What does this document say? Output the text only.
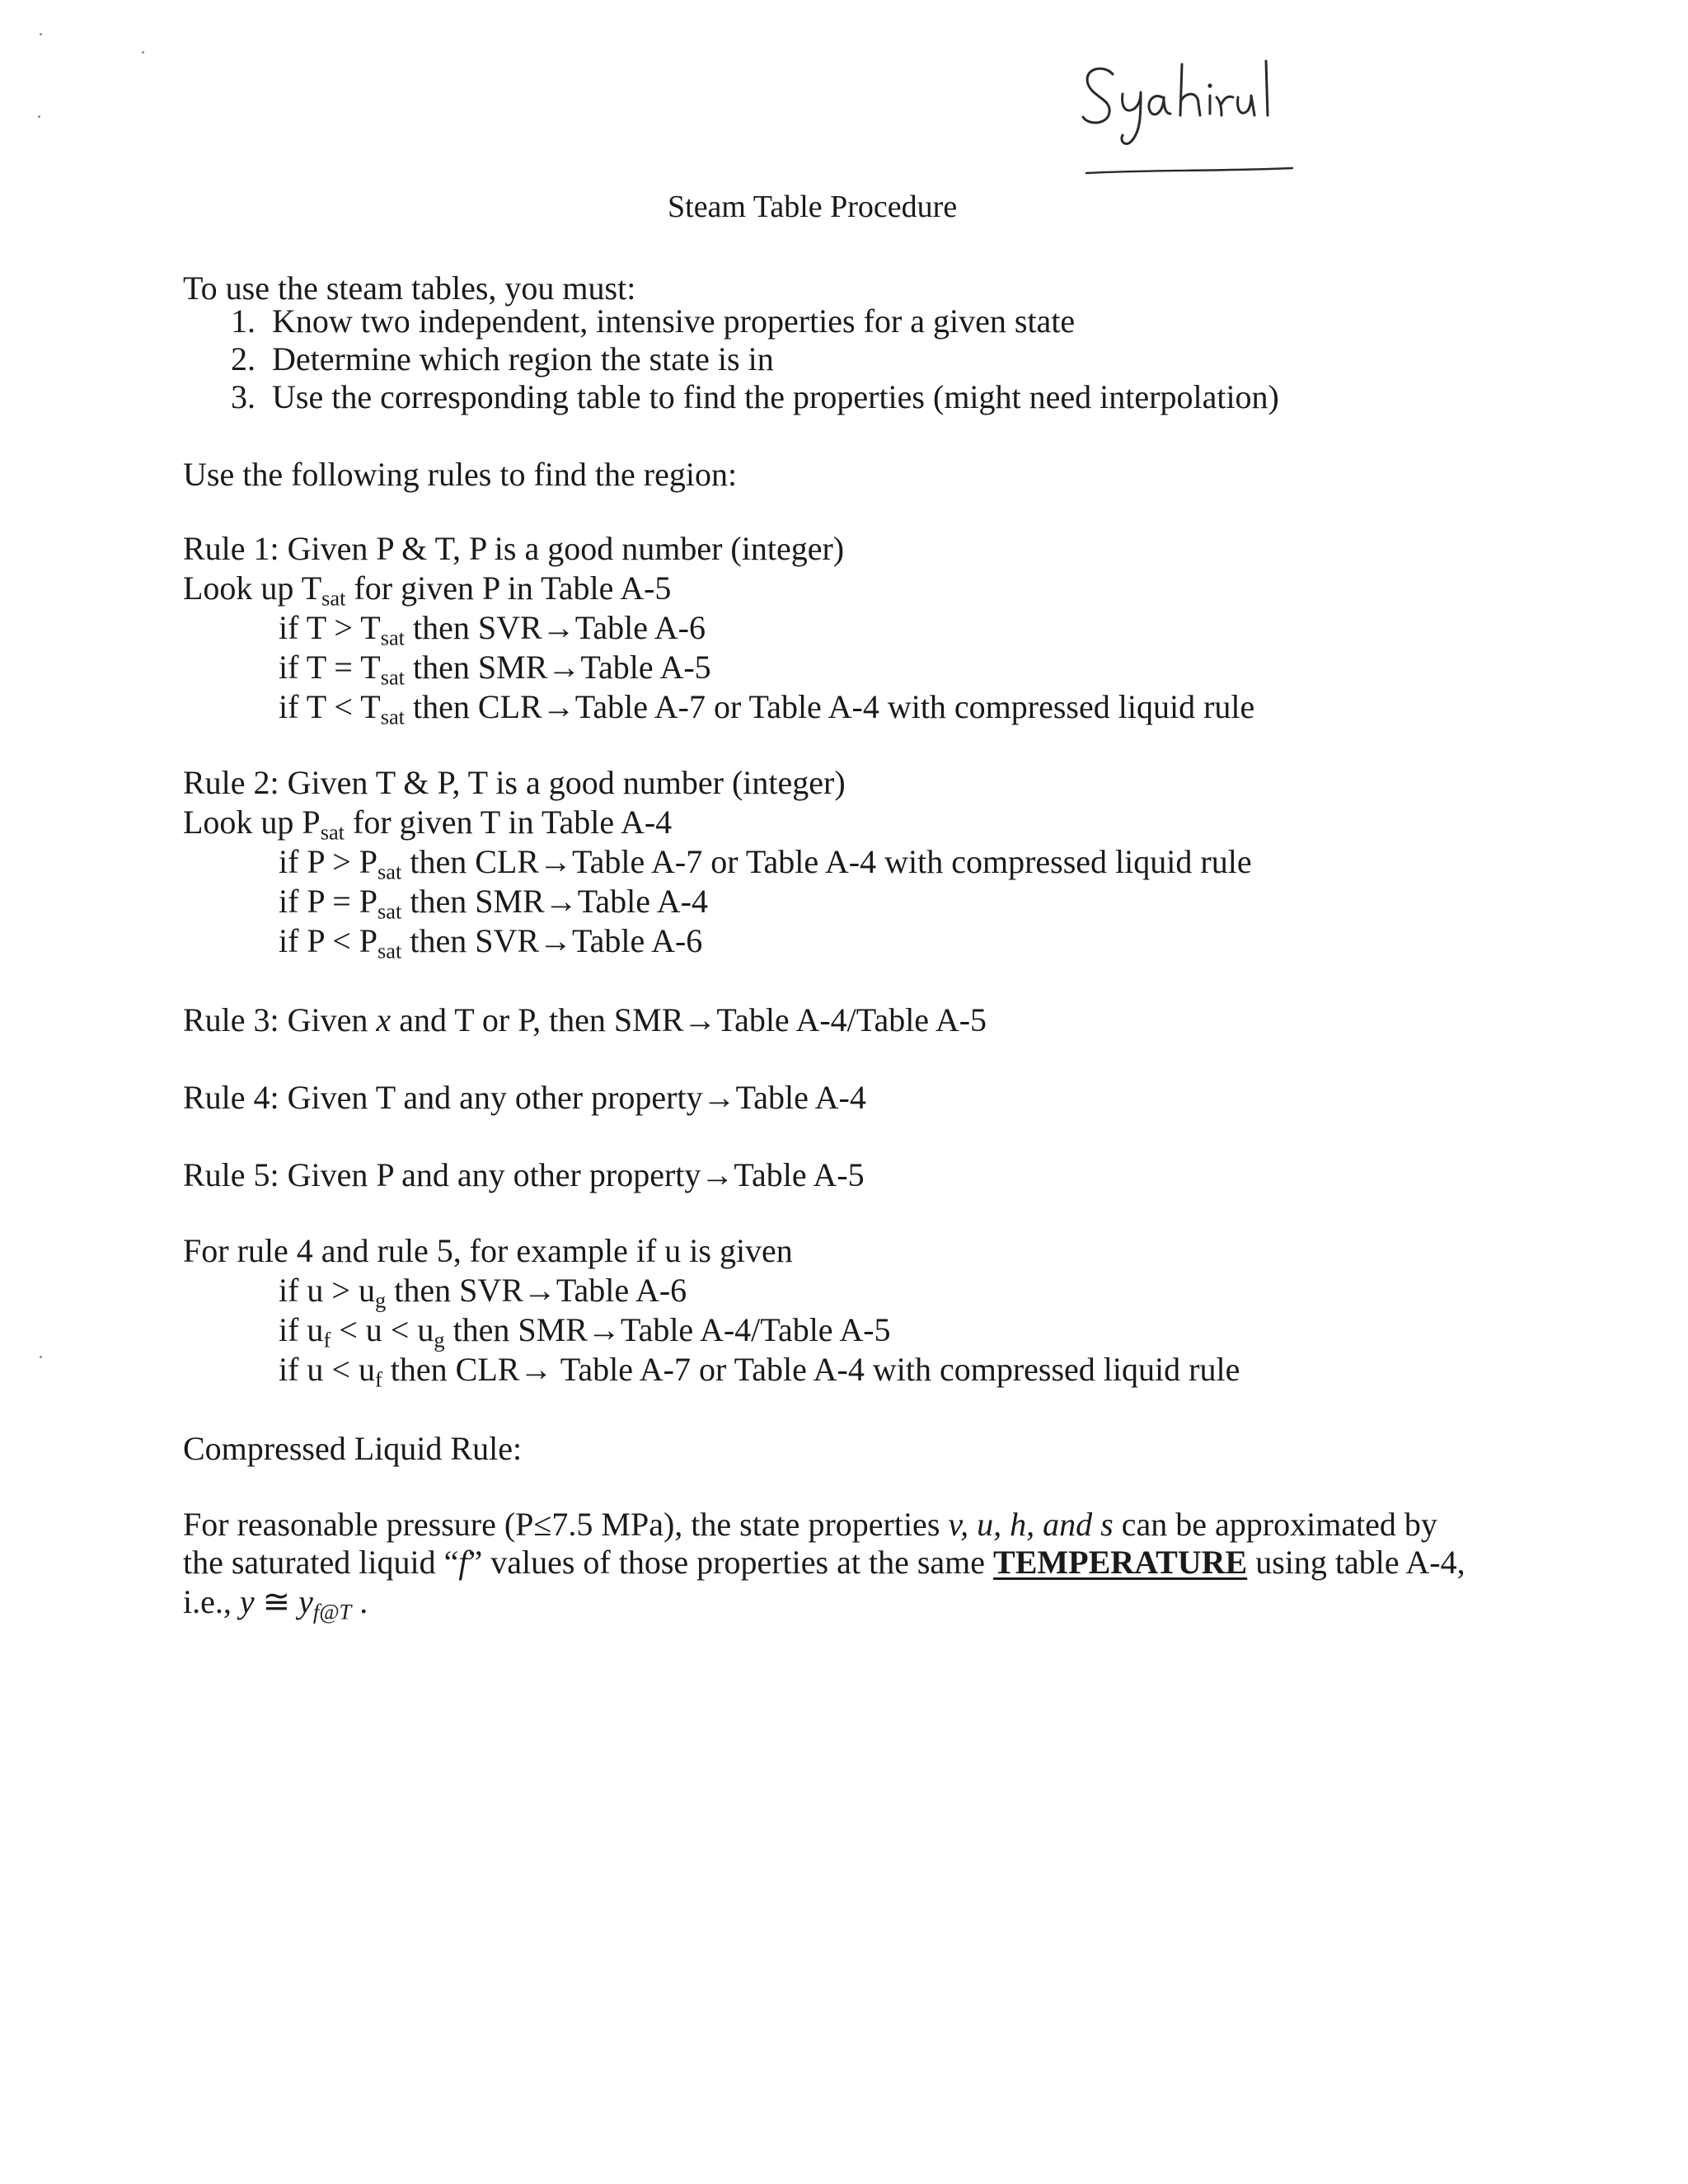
Steam Table Procedure
To use the steam tables, you must:
1. Know two independent, intensive properties for a given state
2. Determine which region the state is in
3. Use the corresponding table to find the properties (might need interpolation)
Use the following rules to find the region:
Rule 1: Given P & T, P is a good number (integer)
Look up $T_{sat}$ for given P in Table A-5
if $T > T_{sat}$ then SVR→Table A-6
if $T = T_{sat}$ then SMR→Table A-5
if $T < T_{sat}$ then CLR→Table A-7 or Table A-4 with compressed liquid rule
Rule 2: Given T & P, T is a good number (integer)
Look up $P_{sat}$ for given T in Table A-4
if $P > P_{sat}$ then CLR→Table A-7 or Table A-4 with compressed liquid rule
if $P = P_{sat}$ then SMR→Table A-4
if $P < P_{sat}$ then SVR→Table A-6
Rule 3: Given x and T or P, then SMR→Table A-4/Table A-5
Rule 4: Given T and any other property→Table A-4
Rule 5: Given P and any other property→Table A-5
For rule 4 and rule 5, for example if u is given
if $u > u_g$ then SVR→Table A-6
if $u_f < u < u_g$ then SMR→Table A-4/Table A-5
if $u < u_f$ then CLR→ Table A-7 or Table A-4 with compressed liquid rule
Compressed Liquid Rule:
For reasonable pressure (P≤7.5 MPa), the state properties v, u, h, and s can be approximated by
the saturated liquid “f” values of those properties at the same TEMPERATURE using table A-4,
i.e., y ≅ $y_{f@T}$ .
